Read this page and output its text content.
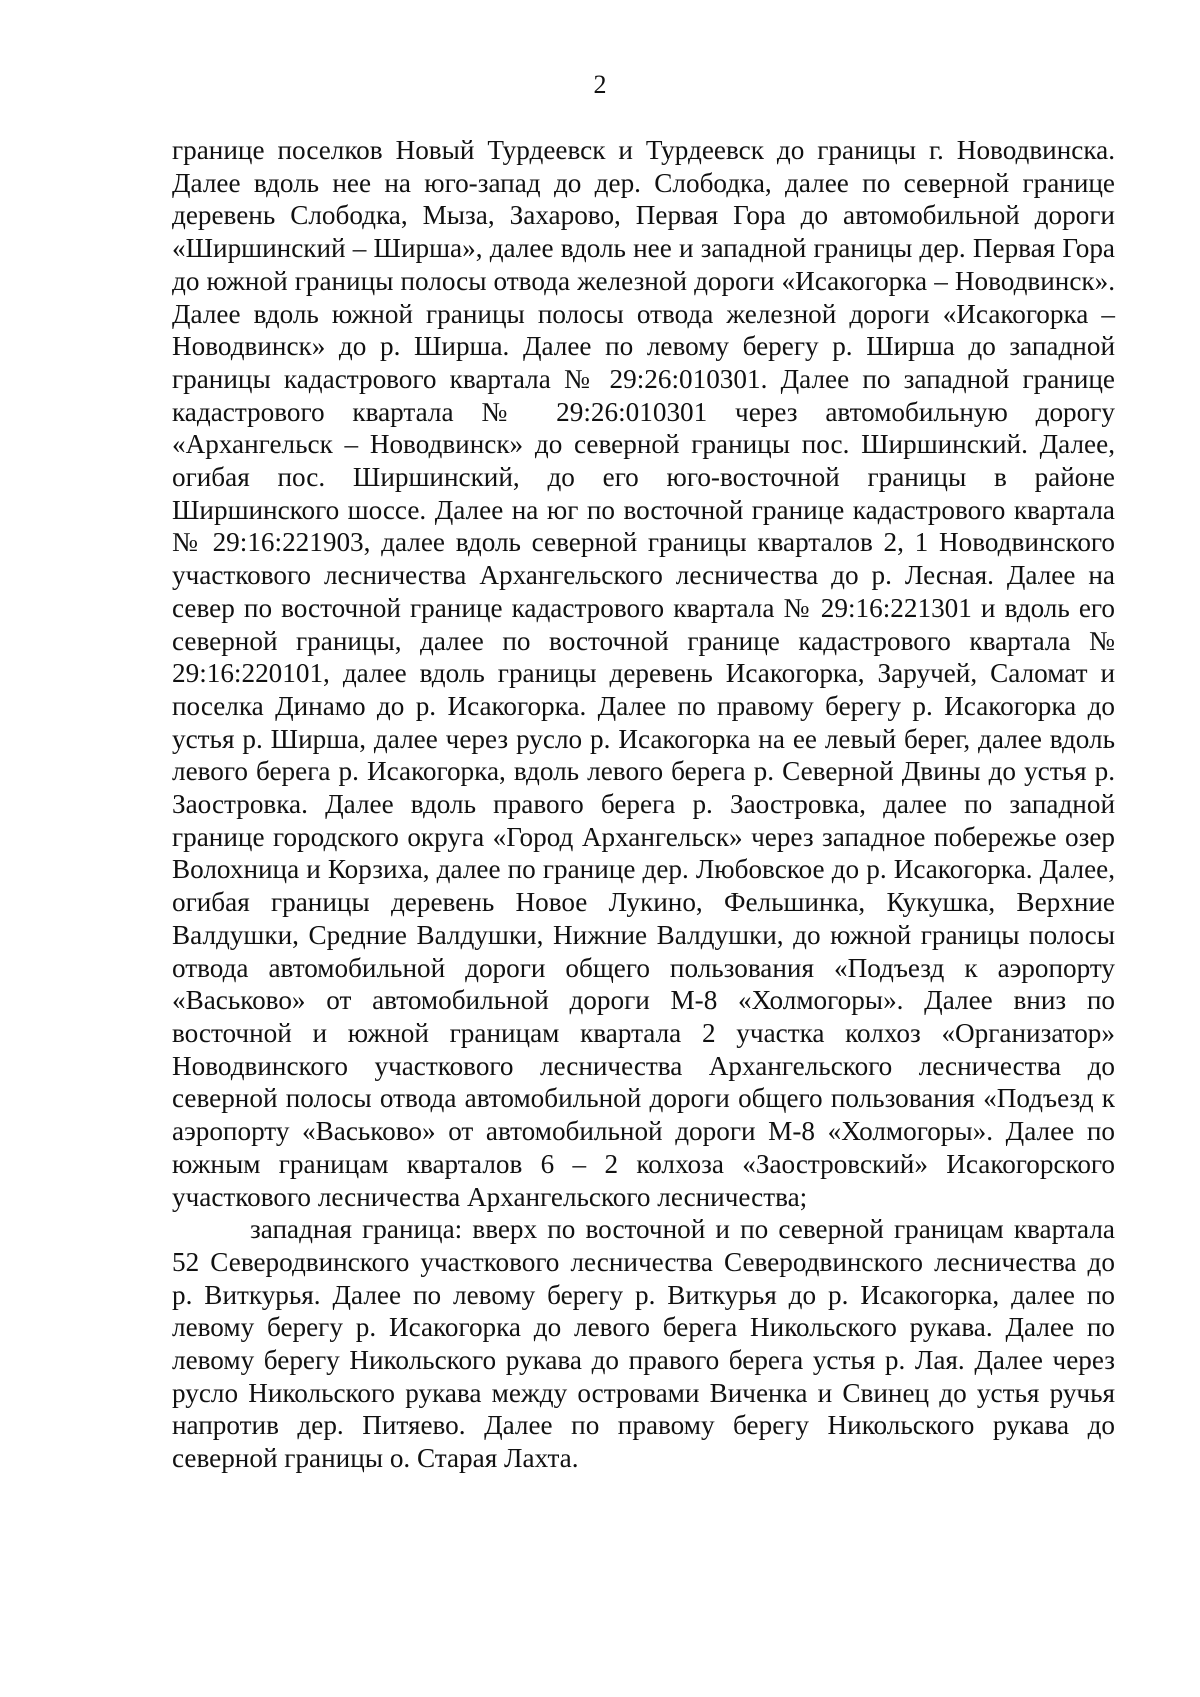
2

границе поселков Новый Турдеевск и Турдеевск до границы г. Новодвинска. Далее вдоль нее на юго-запад до дер. Слободка, далее по северной границе деревень Слободка, Мыза, Захарово, Первая Гора до автомобильной дороги «Ширшинский – Ширша», далее вдоль нее и западной границы дер. Первая Гора до южной границы полосы отвода железной дороги «Исакогорка – Новодвинск». Далее вдоль южной границы полосы отвода железной дороги «Исакогорка – Новодвинск» до р. Ширша. Далее по левому берегу р. Ширша до западной границы кадастрового квартала № 29:26:010301. Далее по западной границе кадастрового квартала № 29:26:010301 через автомобильную дорогу «Архангельск – Новодвинск» до северной границы пос. Ширшинский. Далее, огибая пос. Ширшинский, до его юго-восточной границы в районе Ширшинского шоссе. Далее на юг по восточной границе кадастрового квартала № 29:16:221903, далее вдоль северной границы кварталов 2, 1 Новодвинского участкового лесничества Архангельского лесничества до р. Лесная. Далее на север по восточной границе кадастрового квартала № 29:16:221301 и вдоль его северной границы, далее по восточной границе кадастрового квартала № 29:16:220101, далее вдоль границы деревень Исакогорка, Заручей, Саломат и поселка Динамо до р. Исакогорка. Далее по правому берегу р. Исакогорка до устья р. Ширша, далее через русло р. Исакогорка на ее левый берег, далее вдоль левого берега р. Исакогорка, вдоль левого берега р. Северной Двины до устья р. Заостровка. Далее вдоль правого берега р. Заостровка, далее по западной границе городского округа «Город Архангельск» через западное побережье озер Волохница и Корзиха, далее по границе дер. Любовское до р. Исакогорка. Далее, огибая границы деревень Новое Лукино, Фельшинка, Кукушка, Верхние Валдушки, Средние Валдушки, Нижние Валдушки, до южной границы полосы отвода автомобильной дороги общего пользования «Подъезд к аэропорту «Васьково» от автомобильной дороги М-8 «Холмогоры». Далее вниз по восточной и южной границам квартала 2 участка колхоз «Организатор» Новодвинского участкового лесничества Архангельского лесничества до северной полосы отвода автомобильной дороги общего пользования «Подъезд к аэропорту «Васьково» от автомобильной дороги М-8 «Холмогоры». Далее по южным границам кварталов 6 – 2 колхоза «Заостровский» Исакогорского участкового лесничества Архангельского лесничества;

западная граница: вверх по восточной и по северной границам квартала 52 Северодвинского участкового лесничества Северодвинского лесничества до р. Виткурья. Далее по левому берегу р. Виткурья до р. Исакогорка, далее по левому берегу р. Исакогорка до левого берега Никольского рукава. Далее по левому берегу Никольского рукава до правого берега устья р. Лая. Далее через русло Никольского рукава между островами Виченка и Свинец до устья ручья напротив дер. Питяево. Далее по правому берегу Никольского рукава до северной границы о. Старая Лахта.
